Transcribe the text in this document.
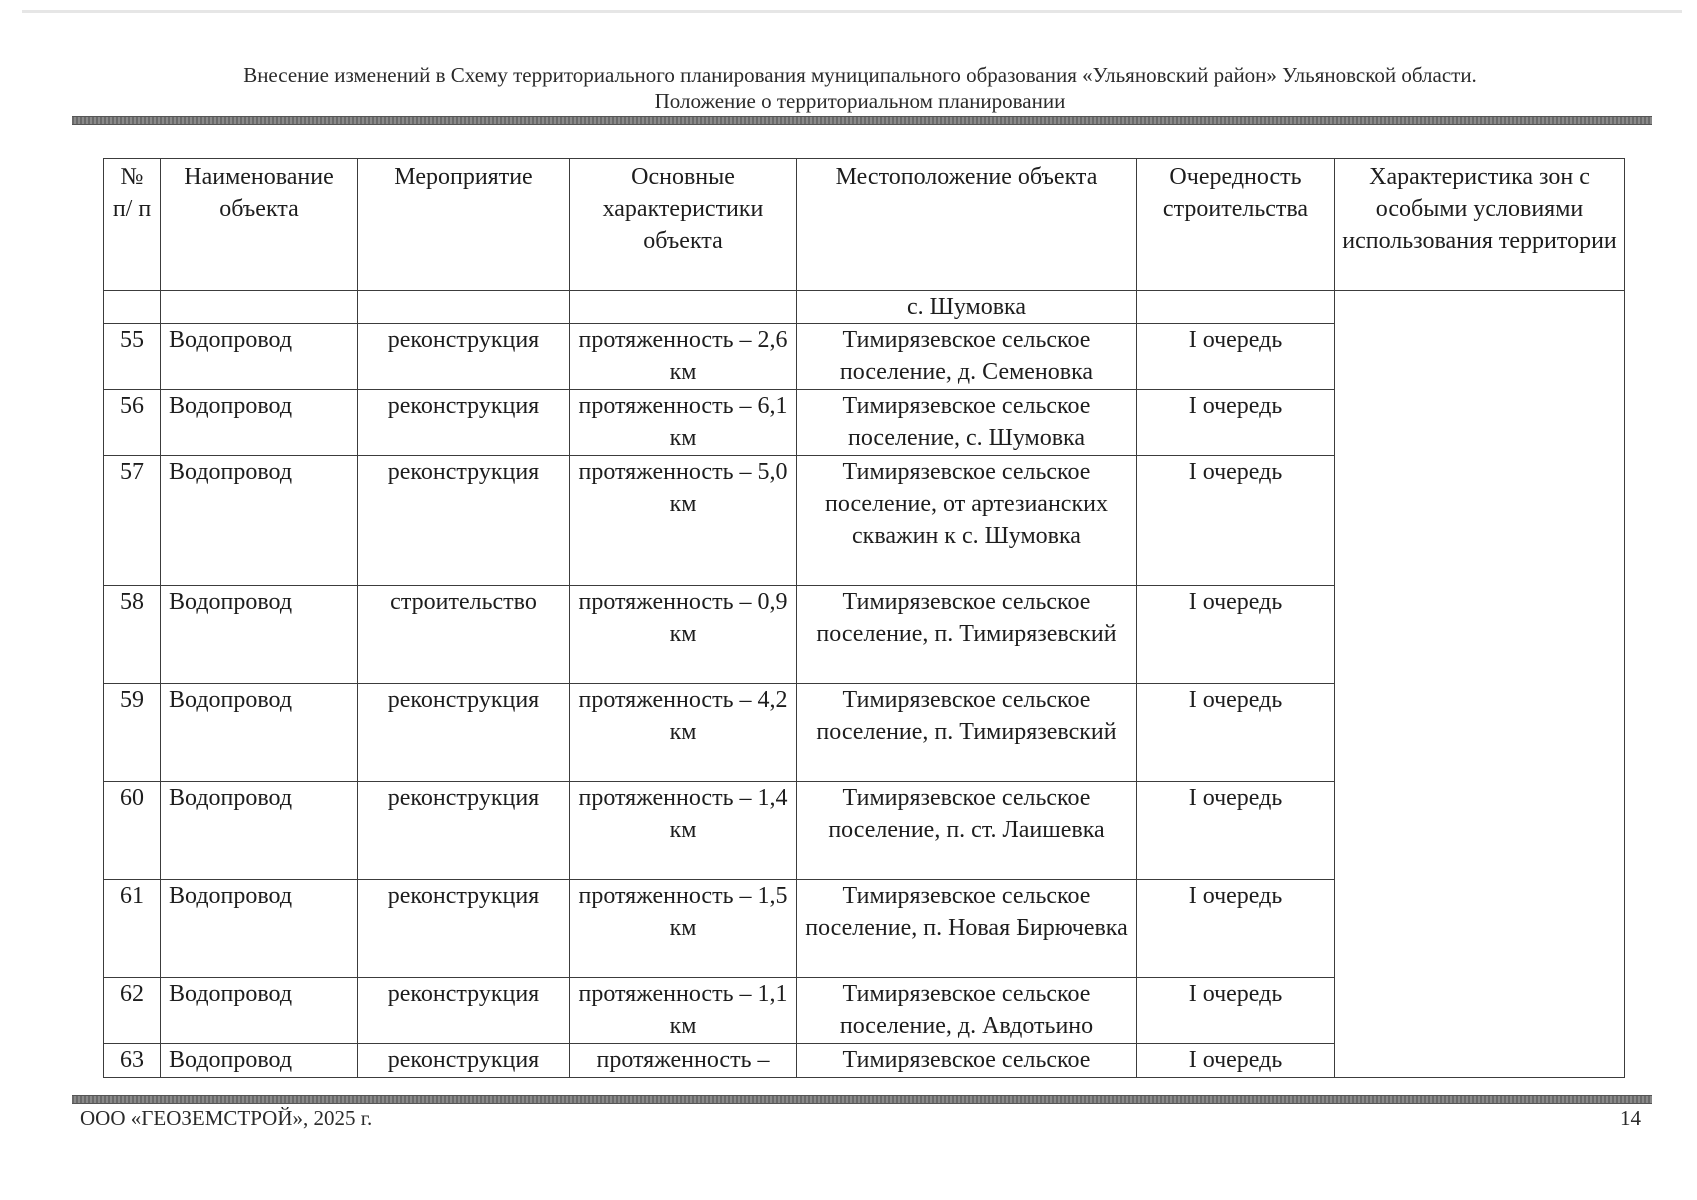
Внесение изменений в Схему территориального планирования муниципального образования «Ульяновский район» Ульяновской области.
Положение о территориальном планировании
№ п/ п	Наименование объекта	Мероприятие	Основные характеристики объекта	Местоположение объекта	Очередность строительства	Характеристика зон с особыми условиями использования территории
				с. Шумовка		
55	Водопровод	реконструкция	протяженность – 2,6 км	Тимирязевское сельское поселение, д. Семеновка	I очередь	
56	Водопровод	реконструкция	протяженность – 6,1 км	Тимирязевское сельское поселение, с. Шумовка	I очередь	
57	Водопровод	реконструкция	протяженность – 5,0 км	Тимирязевское сельское поселение, от артезианских скважин к с. Шумовка	I очередь	
58	Водопровод	строительство	протяженность – 0,9 км	Тимирязевское сельское поселение, п. Тимирязевский	I очередь	
59	Водопровод	реконструкция	протяженность – 4,2 км	Тимирязевское сельское поселение, п. Тимирязевский	I очередь	
60	Водопровод	реконструкция	протяженность – 1,4 км	Тимирязевское сельское поселение, п. ст. Лаишевка	I очередь	
61	Водопровод	реконструкция	протяженность – 1,5 км	Тимирязевское сельское поселение, п. Новая Бирючевка	I очередь	
62	Водопровод	реконструкция	протяженность – 1,1 км	Тимирязевское сельское поселение, д. Авдотьино	I очередь	
63	Водопровод	реконструкция	протяженность –	Тимирязевское сельское	I очередь	
ООО «ГЕОЗЕМСТРОЙ», 2025 г.	14
